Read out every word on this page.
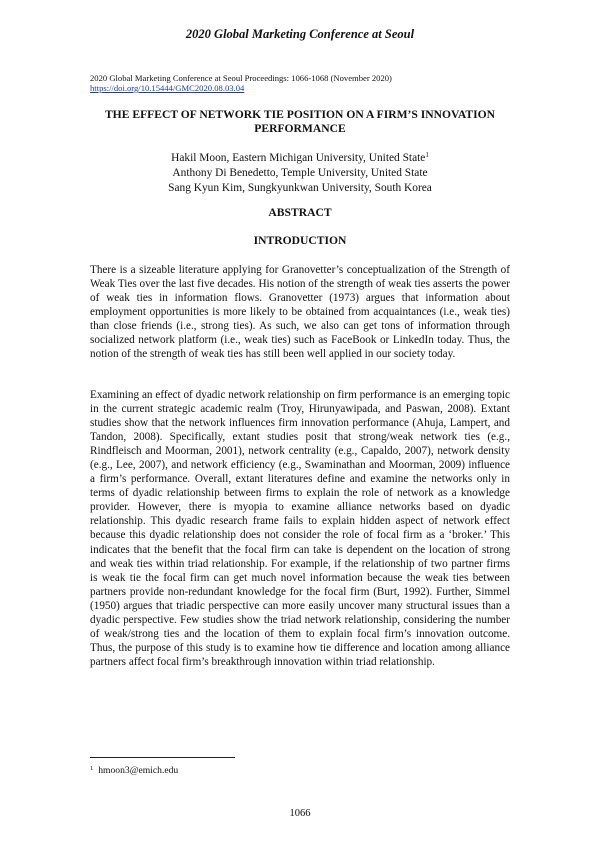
2020 Global Marketing Conference at Seoul
2020 Global Marketing Conference at Seoul Proceedings: 1066-1068 (November 2020)
https://doi.org/10.15444/GMC2020.08.03.04
THE EFFECT OF NETWORK TIE POSITION ON A FIRM’S INNOVATION PERFORMANCE
Hakil Moon, Eastern Michigan University, United State$^1$
Anthony Di Benedetto, Temple University, United State
Sang Kyun Kim, Sungkyunkwan University, South Korea
ABSTRACT
INTRODUCTION

There is a sizeable literature applying for Granovetter’s conceptualization of the Strength of Weak Ties over the last five decades. His notion of the strength of weak ties asserts the power of weak ties in information flows. Granovetter (1973) argues that information about employment opportunities is more likely to be obtained from acquaintances (i.e., weak ties) than close friends (i.e., strong ties). As such, we also can get tons of information through socialized network platform (i.e., weak ties) such as FaceBook or LinkedIn today. Thus, the notion of the strength of weak ties has still been well applied in our society today.

Examining an effect of dyadic network relationship on firm performance is an emerging topic in the current strategic academic realm (Troy, Hirunyawipada, and Paswan, 2008). Extant studies show that the network influences firm innovation performance (Ahuja, Lampert, and Tandon, 2008). Specifically, extant studies posit that strong/weak network ties (e.g., Rindfleisch and Moorman, 2001), network centrality (e.g., Capaldo, 2007), network density (e.g., Lee, 2007), and network efficiency (e.g., Swaminathan and Moorman, 2009) influence a firm’s performance. Overall, extant literatures define and examine the networks only in terms of dyadic relationship between firms to explain the role of network as a knowledge provider. However, there is myopia to examine alliance networks based on dyadic relationship. This dyadic research frame fails to explain hidden aspect of network effect because this dyadic relationship does not consider the role of focal firm as a ‘broker.’ This indicates that the benefit that the focal firm can take is dependent on the location of strong and weak ties within triad relationship. For example, if the relationship of two partner firms is weak tie the focal firm can get much novel information because the weak ties between partners provide non-redundant knowledge for the focal firm (Burt, 1992). Further, Simmel (1950) argues that triadic perspective can more easily uncover many structural issues than a dyadic perspective. Few studies show the triad network relationship, considering the number of weak/strong ties and the location of them to explain focal firm’s innovation outcome. Thus, the purpose of this study is to examine how tie difference and location among alliance partners affect focal firm’s breakthrough innovation within triad relationship.

$^1$ hmoon3@emich.edu
1066
